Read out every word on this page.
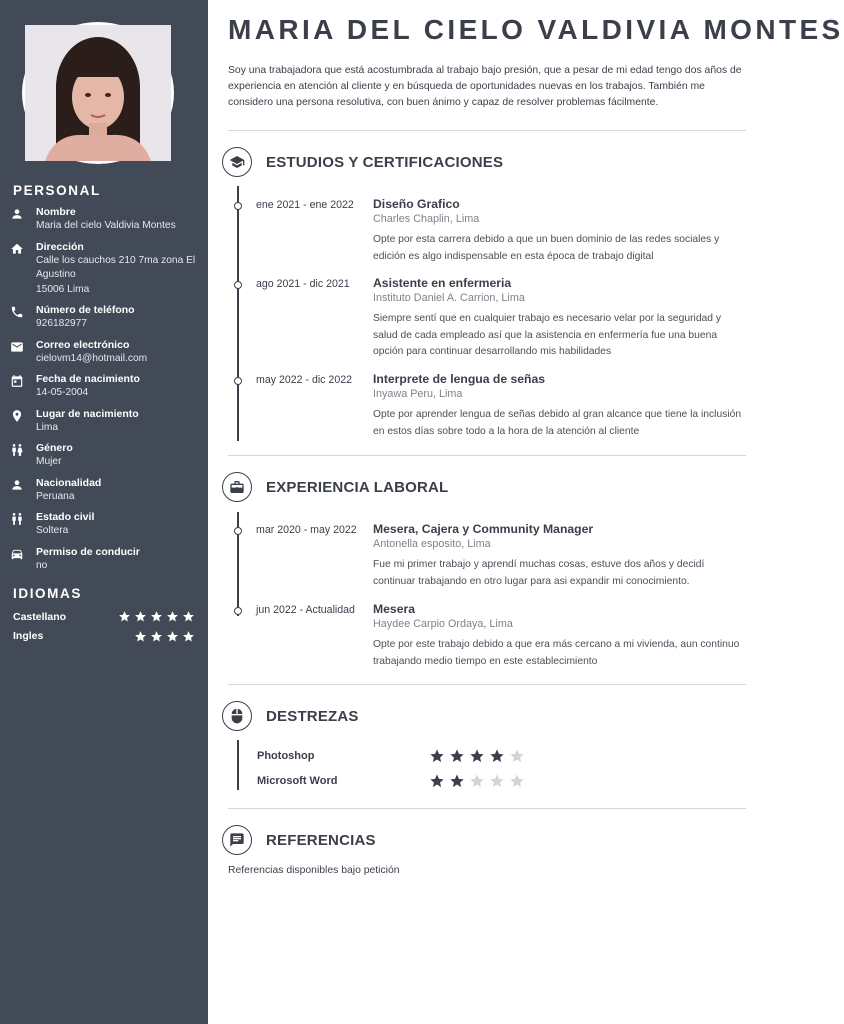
PERSONAL
Nombre
Maria del cielo Valdivia Montes
Dirección
Calle los cauchos 210 7ma zona El Agustino
15006 Lima
Número de teléfono
926182977
Correo electrónico
cielovm14@hotmail.com
Fecha de nacimiento
14-05-2004
Lugar de nacimiento
Lima
Género
Mujer
Nacionalidad
Peruana
Estado civil
Soltera
Permiso de conducir
no
IDIOMAS
Castellano
Ingles
MARIA DEL CIELO VALDIVIA MONTES
Soy una trabajadora que está acostumbrada al trabajo bajo presión, que a pesar de mi edad tengo dos años de experiencia en atención al cliente y en búsqueda de oportunidades nuevas en los trabajos. También me considero una persona resolutiva, con buen ánimo y capaz de resolver problemas fácilmente.
ESTUDIOS Y CERTIFICACIONES
ene 2021 - ene 2022 Diseño Grafico
Charles Chaplin, Lima
Opte por esta carrera debido a que un buen dominio de las redes sociales y edición es algo indispensable en esta época de trabajo digital
ago 2021 - dic 2021 Asistente en enfermeria
Instituto Daniel A. Carrion, Lima
Siempre sentí que en cualquier trabajo es necesario velar por la seguridad y salud de cada empleado así que la asistencia en enfermería fue una buena opción para continuar desarrollando mis habilidades
may 2022 - dic 2022 Interprete de lengua de señas
Inyawa Peru, Lima
Opte por aprender lengua de señas debido al gran alcance que tiene la inclusión en estos días sobre todo a la hora de la atención al cliente
EXPERIENCIA LABORAL
mar 2020 - may 2022 Mesera, Cajera y Community Manager
Antonella esposito, Lima
Fue mi primer trabajo y aprendí muchas cosas, estuve dos años y decidí continuar trabajando en otro lugar para asi expandir mi conocimiento.
jun 2022 - Actualidad Mesera
Haydee Carpio Ordaya, Lima
Opte por este trabajo debido a que era más cercano a mi vivienda, aun continuo trabajando medio tiempo en este establecimiento
DESTREZAS
Photoshop
Microsoft Word
REFERENCIAS
Referencias disponibles bajo petición
